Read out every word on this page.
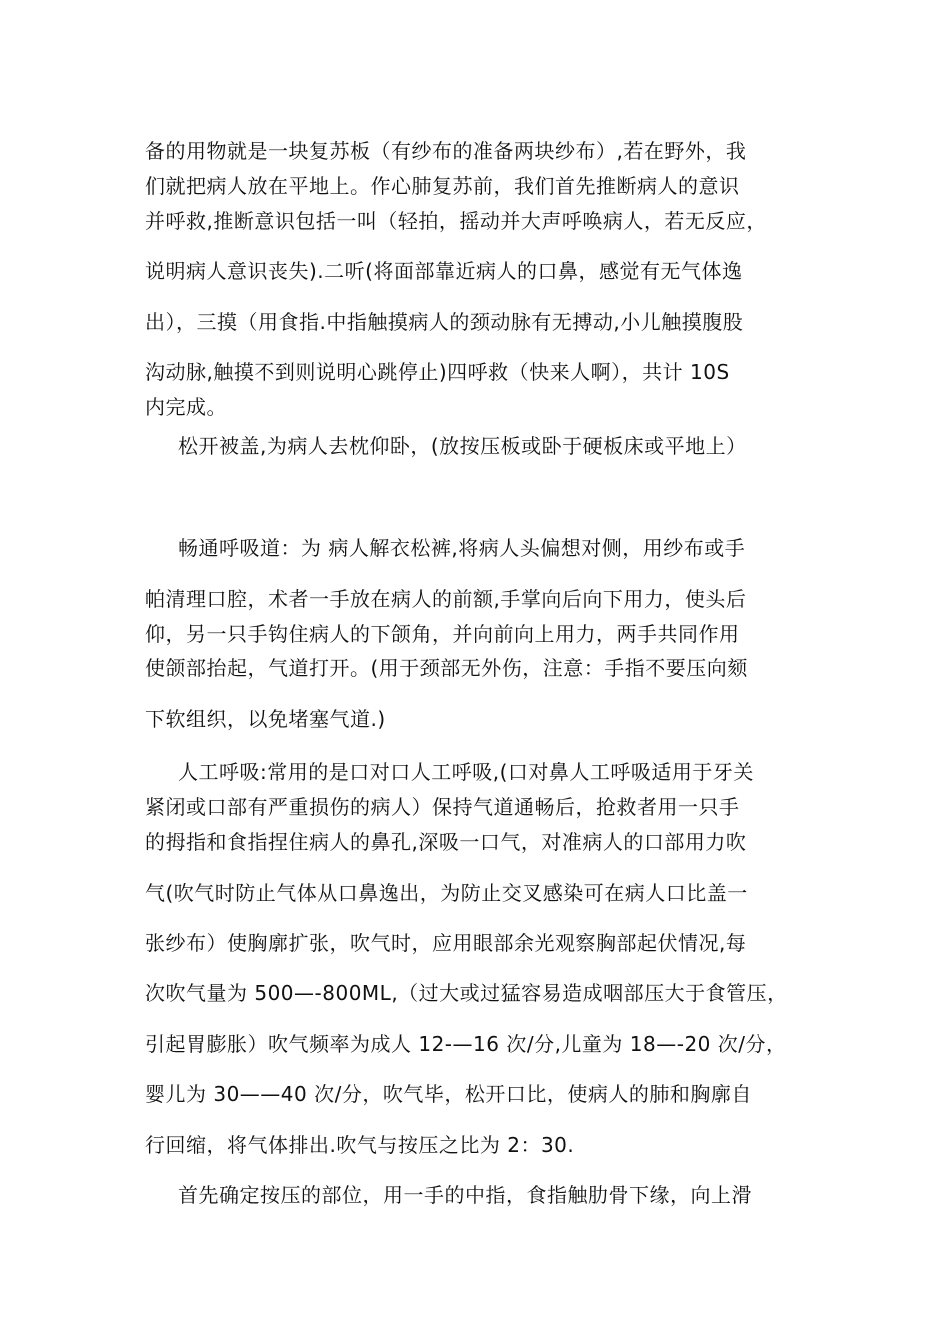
备的用物就是一块复苏板（有纱布的准备两块纱布）,若在野外，我
们就把病人放在平地上。作心肺复苏前，我们首先推断病人的意识
并呼救,推断意识包括一叫（轻拍，摇动并大声呼唤病人，若无反应，
说明病人意识丧失).二听(将面部靠近病人的口鼻，感觉有无气体逸
出），三摸（用食指.中指触摸病人的颈动脉有无搏动,小儿触摸腹股
沟动脉,触摸不到则说明心跳停止)四呼救（快来人啊），共计 10S
内完成。
松开被盖,为病人去枕仰卧，(放按压板或卧于硬板床或平地上）
畅通呼吸道：为 病人解衣松裤,将病人头偏想对侧，用纱布或手
帕清理口腔，术者一手放在病人的前额,手掌向后向下用力，使头后
仰，另一只手钩住病人的下颌角，并向前向上用力，两手共同作用
使颌部抬起，气道打开。(用于颈部无外伤，注意：手指不要压向颏
下软组织，以免堵塞气道.)
人工呼吸:常用的是口对口人工呼吸,(口对鼻人工呼吸适用于牙关
紧闭或口部有严重损伤的病人）保持气道通畅后，抢救者用一只手
的拇指和食指捏住病人的鼻孔,深吸一口气，对准病人的口部用力吹
气(吹气时防止气体从口鼻逸出，为防止交叉感染可在病人口比盖一
张纱布）使胸廓扩张，吹气时，应用眼部余光观察胸部起伏情况,每
次吹气量为 500—-800ML,（过大或过猛容易造成咽部压大于食管压，
引起胃膨胀）吹气频率为成人 12-—16 次/分,儿童为 18—-20 次/分，
婴儿为 30——40 次/分，吹气毕，松开口比，使病人的肺和胸廓自
行回缩，将气体排出.吹气与按压之比为 2：30.
首先确定按压的部位，用一手的中指，食指触肋骨下缘，向上滑
